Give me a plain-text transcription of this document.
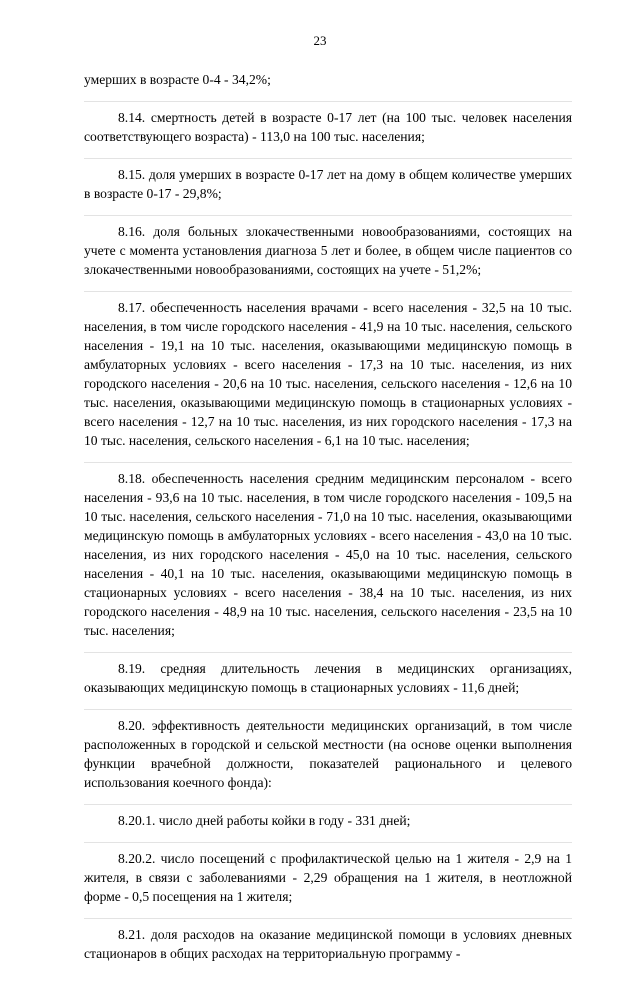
23

умерших в возрасте 0-4 - 34,2%;

8.14. смертность детей в возрасте 0-17 лет (на 100 тыс. человек населения соответствующего возраста) - 113,0 на 100 тыс. населения;

8.15. доля умерших в возрасте 0-17 лет на дому в общем количестве умерших в возрасте 0-17 - 29,8%;

8.16. доля больных злокачественными новообразованиями, состоящих на учете с момента установления диагноза 5 лет и более, в общем числе пациентов со злокачественными новообразованиями, состоящих на учете - 51,2%;

8.17. обеспеченность населения врачами - всего населения - 32,5 на 10 тыс. населения, в том числе городского населения - 41,9 на 10 тыс. населения, сельского населения - 19,1 на 10 тыс. населения, оказывающими медицинскую помощь в амбулаторных условиях - всего населения - 17,3 на 10 тыс. населения, из них городского населения - 20,6 на 10 тыс. населения, сельского населения - 12,6 на 10 тыс. населения, оказывающими медицинскую помощь в стационарных условиях - всего населения - 12,7 на 10 тыс. населения, из них городского населения - 17,3 на 10 тыс. населения, сельского населения - 6,1 на 10 тыс. населения;

8.18. обеспеченность населения средним медицинским персоналом - всего населения - 93,6 на 10 тыс. населения, в том числе городского населения - 109,5 на 10 тыс. населения, сельского населения - 71,0 на 10 тыс. населения, оказывающими медицинскую помощь в амбулаторных условиях - всего населения - 43,0 на 10 тыс. населения, из них городского населения - 45,0 на 10 тыс. населения, сельского населения - 40,1 на 10 тыс. населения, оказывающими медицинскую помощь в стационарных условиях - всего населения - 38,4 на 10 тыс. населения, из них городского населения - 48,9 на 10 тыс. населения, сельского населения - 23,5 на 10 тыс. населения;

8.19. средняя длительность лечения в медицинских организациях, оказывающих медицинскую помощь в стационарных условиях - 11,6 дней;

8.20. эффективность деятельности медицинских организаций, в том числе расположенных в городской и сельской местности (на основе оценки выполнения функции врачебной должности, показателей рационального и целевого использования коечного фонда):

8.20.1. число дней работы койки в году - 331 дней;

8.20.2. число посещений с профилактической целью на 1 жителя - 2,9 на 1 жителя, в связи с заболеваниями - 2,29 обращения на 1 жителя, в неотложной форме - 0,5 посещения на 1 жителя;

8.21. доля расходов на оказание медицинской помощи в условиях дневных стационаров в общих расходах на территориальную программу -
